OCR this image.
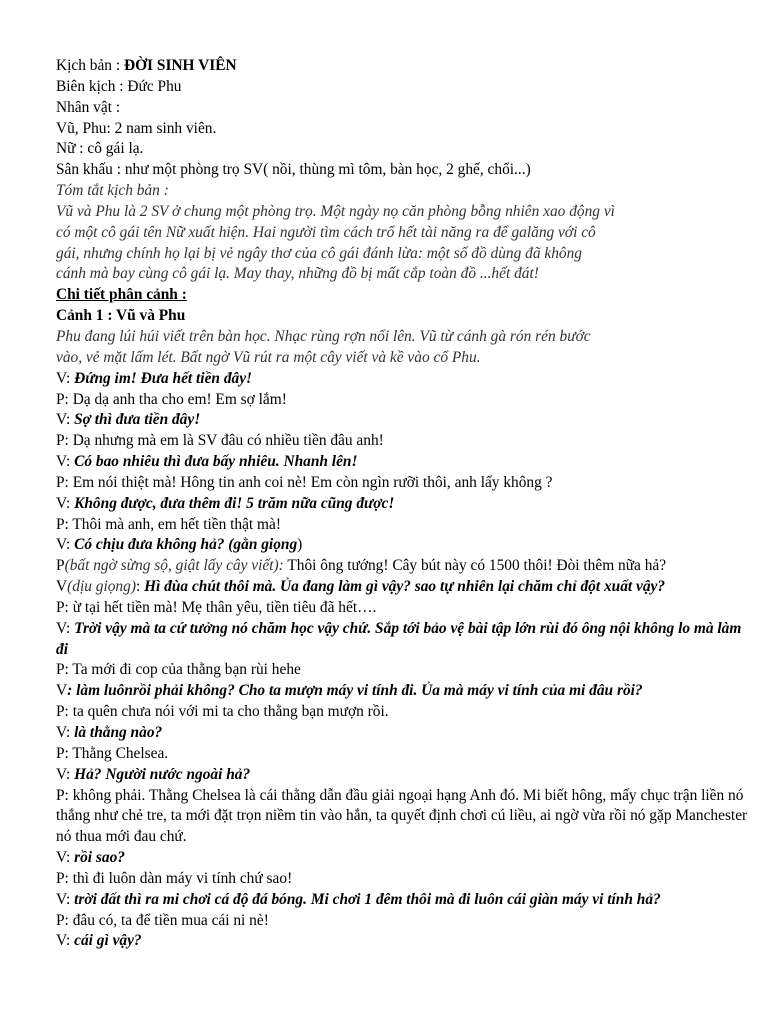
Kịch bản : ĐỜI SINH VIÊN
Biên kịch : Đức Phu
Nhân vật :
Vũ, Phu: 2 nam sinh viên.
Nữ : cô gái lạ.
Sân khấu : như một phòng trọ SV( nồi, thùng mì tôm, bàn học, 2 ghế, chổi...)
Tóm tắt kịch bản :
Vũ và Phu là 2 SV ở chung một phòng trọ. Một ngày nọ căn phòng bỗng nhiên xao động vì
có một cô gái tên Nữ xuất hiện. Hai người tìm cách trổ hết tài năng ra để galăng với cô
gái, nhưng chính họ lại bị vẻ ngây thơ của cô gái đánh lừa: một số đồ dùng đã không
cánh mà bay cùng cô gái lạ. May thay, những đồ bị mất cắp toàn đồ ...hết đát!
Chi tiết phân cảnh :
Cảnh 1 : Vũ và Phu
Phu đang lúi húi viết trên bàn học. Nhạc rùng rợn nổi lên. Vũ từ cánh gà rón rén bước
vào, vẻ mặt lấm lét. Bất ngờ Vũ rút ra một cây viết và kề vào cổ Phu.
V: Đứng im! Đưa hết tiền đây!
P: Dạ dạ anh tha cho em! Em sợ lắm!
V: Sợ thì đưa tiền đây!
P: Dạ nhưng mà em là SV đâu có nhiều tiền đâu anh!
V: Có bao nhiêu thì đưa bấy nhiêu. Nhanh lên!
P: Em nói thiệt mà! Hông tin anh coi nè! Em còn ngìn rưỡi thôi, anh lấy không ?
V: Không được, đưa thêm đi! 5 trăm nữa cũng được!
P: Thôi mà anh, em hết tiền thật mà!
V: Có chịu đưa không hả? (gằn giọng)
P(bất ngờ sừng sộ, giật lấy cây viết): Thôi ông tướng! Cây bút này có 1500 thôi! Đòi thêm nữa hả?
V(dịu giọng): Hì đùa chút thôi mà. Ủa đang làm gì vậy? sao tự nhiên lại chăm chỉ đột xuất vậy?
P: ừ tại hết tiền mà! Mẹ thân yêu, tiền tiêu đã hết….
V: Trời vậy mà ta cứ tưởng nó chăm học vậy chứ. Sắp tới bảo vệ bài tập lớn rùi đó ông nội không lo mà làm đi
P: Ta mới đi cop của thằng bạn rùi hehe
V: làm luônrồi phải không? Cho ta mượn máy vi tính đi. Ủa mà máy vi tính của mi đâu rồi?
P: ta quên chưa nói với mi ta cho thằng bạn mượn rồi.
V: là thằng nào?
P: Thằng Chelsea.
V: Hả? Người nước ngoài hả?
P: không phải. Thằng Chelsea là cái thằng dẫn đầu giải ngoại hạng Anh đó. Mi biết hông, mấy chục trận liền nó thắng như chẻ tre, ta mới đặt trọn niềm tin vào hắn, ta quyết định chơi cú liều, ai ngờ vừa rồi nó gặp Manchester nó thua mới đau chứ.
V: rồi sao?
P: thì đi luôn dàn máy vi tính chứ sao!
V: trời đất thì ra mi chơi cá độ đá bóng. Mi chơi 1 đêm thôi mà đi luôn cái giàn máy vi tính hả?
P: đâu có, ta để tiền mua cái ni nè!
V: cái gì vậy?
